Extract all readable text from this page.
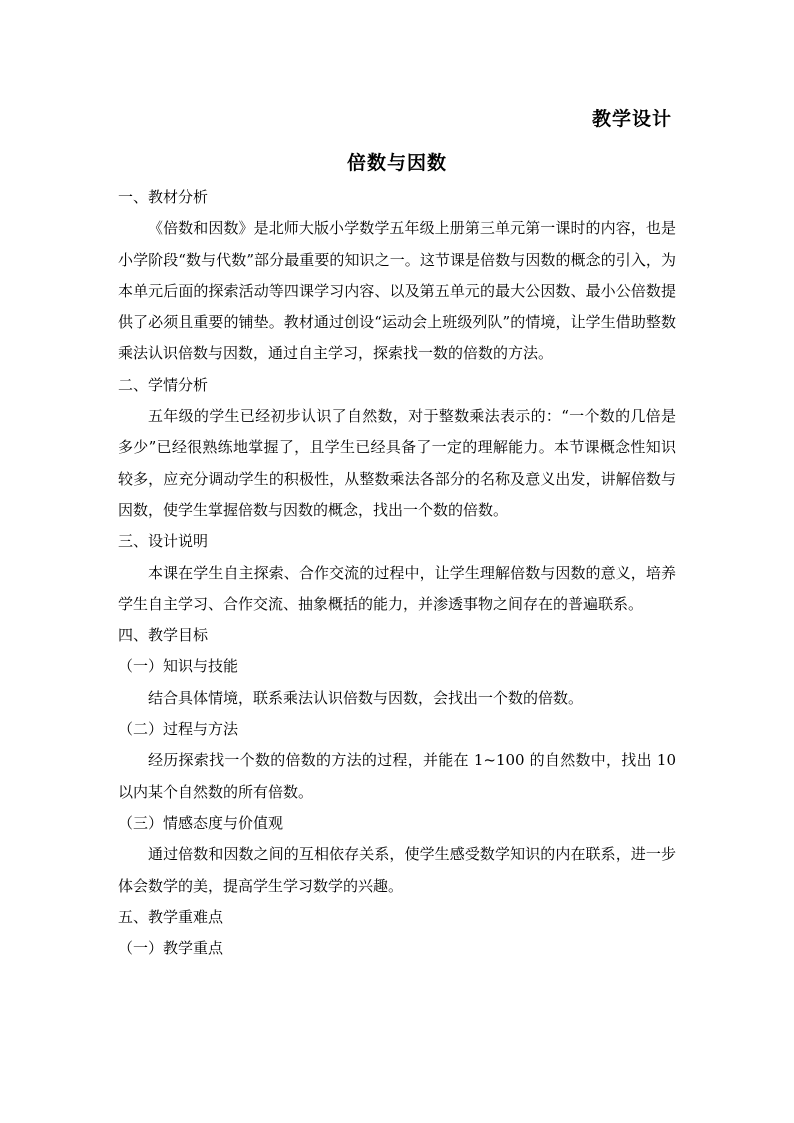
教学设计
倍数与因数

一、教材分析

《倍数和因数》是北师大版小学数学五年级上册第三单元第一课时的内容，也是小学阶段“数与代数”部分最重要的知识之一。这节课是倍数与因数的概念的引入，为本单元后面的探索活动等四课学习内容、以及第五单元的最大公因数、最小公倍数提供了必须且重要的铺垫。教材通过创设“运动会上班级列队”的情境，让学生借助整数乘法认识倍数与因数，通过自主学习，探索找一数的倍数的方法。

二、学情分析

五年级的学生已经初步认识了自然数，对于整数乘法表示的：“一个数的几倍是多少”已经很熟练地掌握了，且学生已经具备了一定的理解能力。本节课概念性知识较多，应充分调动学生的积极性，从整数乘法各部分的名称及意义出发，讲解倍数与因数，使学生掌握倍数与因数的概念，找出一个数的倍数。

三、设计说明

本课在学生自主探索、合作交流的过程中，让学生理解倍数与因数的意义，培养学生自主学习、合作交流、抽象概括的能力，并渗透事物之间存在的普遍联系。

四、教学目标

（一）知识与技能

结合具体情境，联系乘法认识倍数与因数，会找出一个数的倍数。

（二）过程与方法

经历探索找一个数的倍数的方法的过程，并能在 1~100 的自然数中，找出 10 以内某个自然数的所有倍数。

（三）情感态度与价值观

通过倍数和因数之间的互相依存关系，使学生感受数学知识的内在联系，进一步体会数学的美，提高学生学习数学的兴趣。

五、教学重难点

（一）教学重点
